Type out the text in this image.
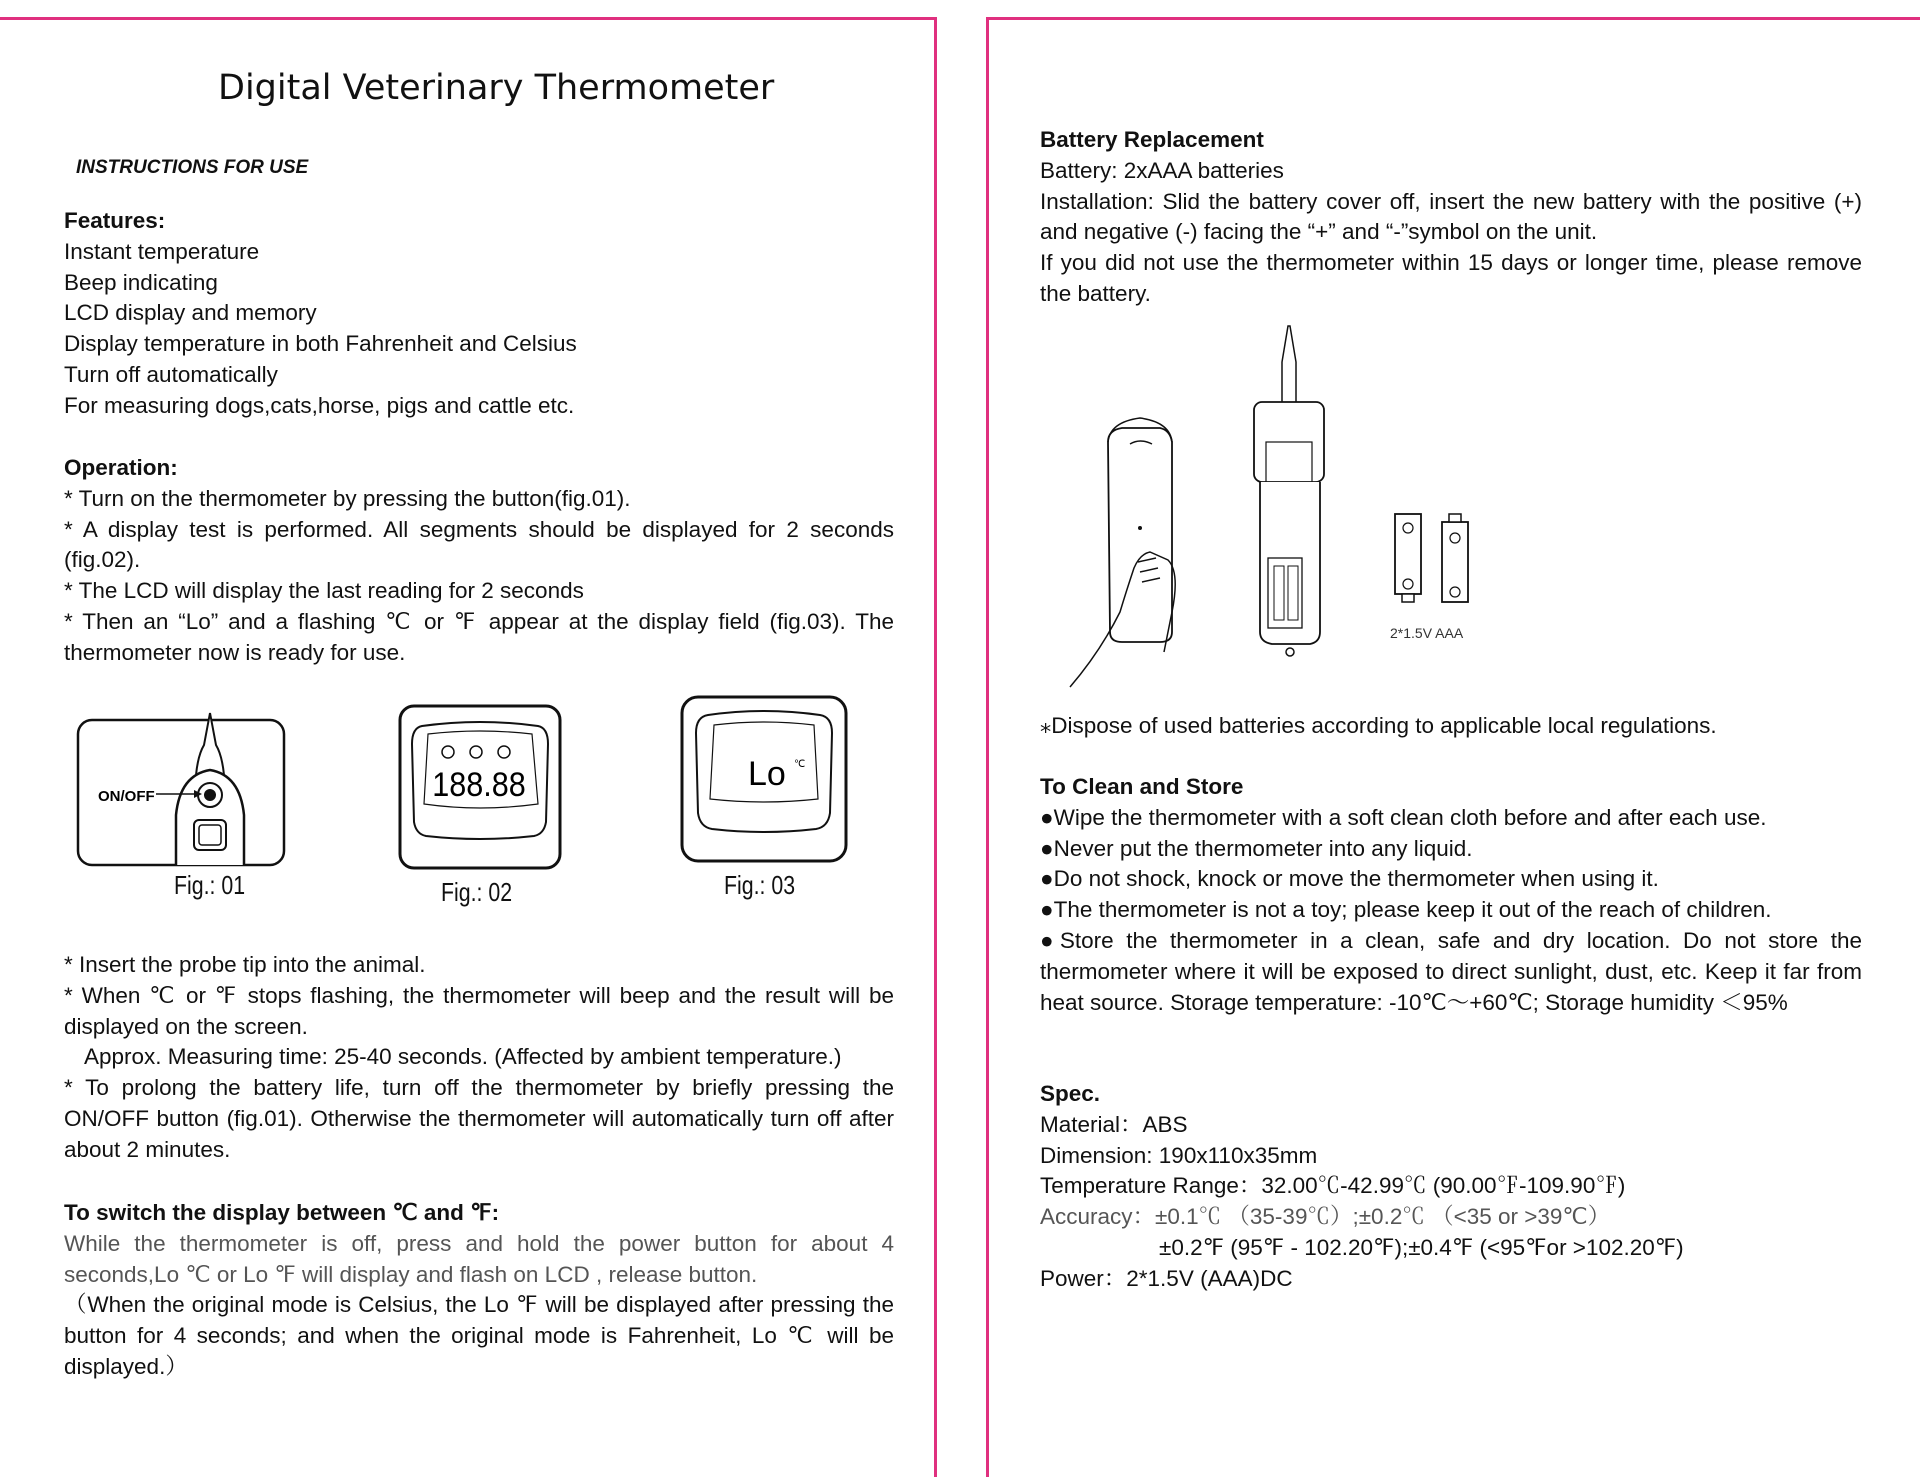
Digital Veterinary Thermometer
INSTRUCTIONS FOR USE

Features:

Instant temperature

Beep indicating

LCD display and memory

Display temperature in both Fahrenheit and Celsius

Turn off automatically

For measuring dogs,cats,horse, pigs and cattle etc.

Operation:

* Turn on the thermometer by pressing the button(fig.01).

* A display test is performed. All segments should be displayed for 2 seconds (fig.02).

* The LCD will display the last reading for 2 seconds

* Then an “Lo” and a flashing ℃ or ℉ appear at the display field (fig.03). The thermometer now is ready for use.

ON/OFF
Fig.: 01
188.88
Fig.: 02
Lo ℃
Fig.: 03

* Insert the probe tip into the animal.

* When ℃ or ℉ stops flashing, the thermometer will beep and the result will be displayed on the screen.

Approx. Measuring time: 25-40 seconds. (Affected by ambient temperature.)

* To prolong the battery life, turn off the thermometer by briefly pressing the ON/OFF button (fig.01). Otherwise the thermometer will automatically turn off after about 2 minutes.

To switch the display between ℃ and ℉:

While the thermometer is off, press and hold the power button for about 4 seconds,Lo ℃ or Lo ℉ will display and flash on LCD , release button.

（When the original mode is Celsius, the Lo ℉ will be displayed after pressing the button for 4 seconds; and when the original mode is Fahrenheit, Lo ℃ will be displayed.）

Battery Replacement

Battery: 2xAAA batteries

Installation: Slid the battery cover off, insert the new battery with the positive (+) and negative (-) facing the “+” and “-”symbol on the unit.

If you did not use the thermometer within 15 days or longer time, please remove the battery.

2*1.5V AAA
⁎Dispose of used batteries according to applicable local regulations.

To Clean and Store

●Wipe the thermometer with a soft clean cloth before and after each use.

●Never put the thermometer into any liquid.

●Do not shock, knock or move the thermometer when using it.

●The thermometer is not a toy; please keep it out of the reach of children.

●Store the thermometer in a clean, safe and dry location. Do not store the thermometer where it will be exposed to direct sunlight, dust, etc. Keep it far from heat source. Storage temperature: -10℃～+60℃; Storage humidity ＜95%

Spec.

Material：ABS

Dimension: 190x110x35mm

Temperature Range：32.00℃-42.99℃ (90.00℉-109.90℉)

Accuracy：±0.1℃ （35-39℃）;±0.2℃ （<35 or >39℃）

±0.2℉ (95℉ - 102.20℉);±0.4℉ (<95℉or >102.20℉)

Power：2*1.5V (AAA)DC
